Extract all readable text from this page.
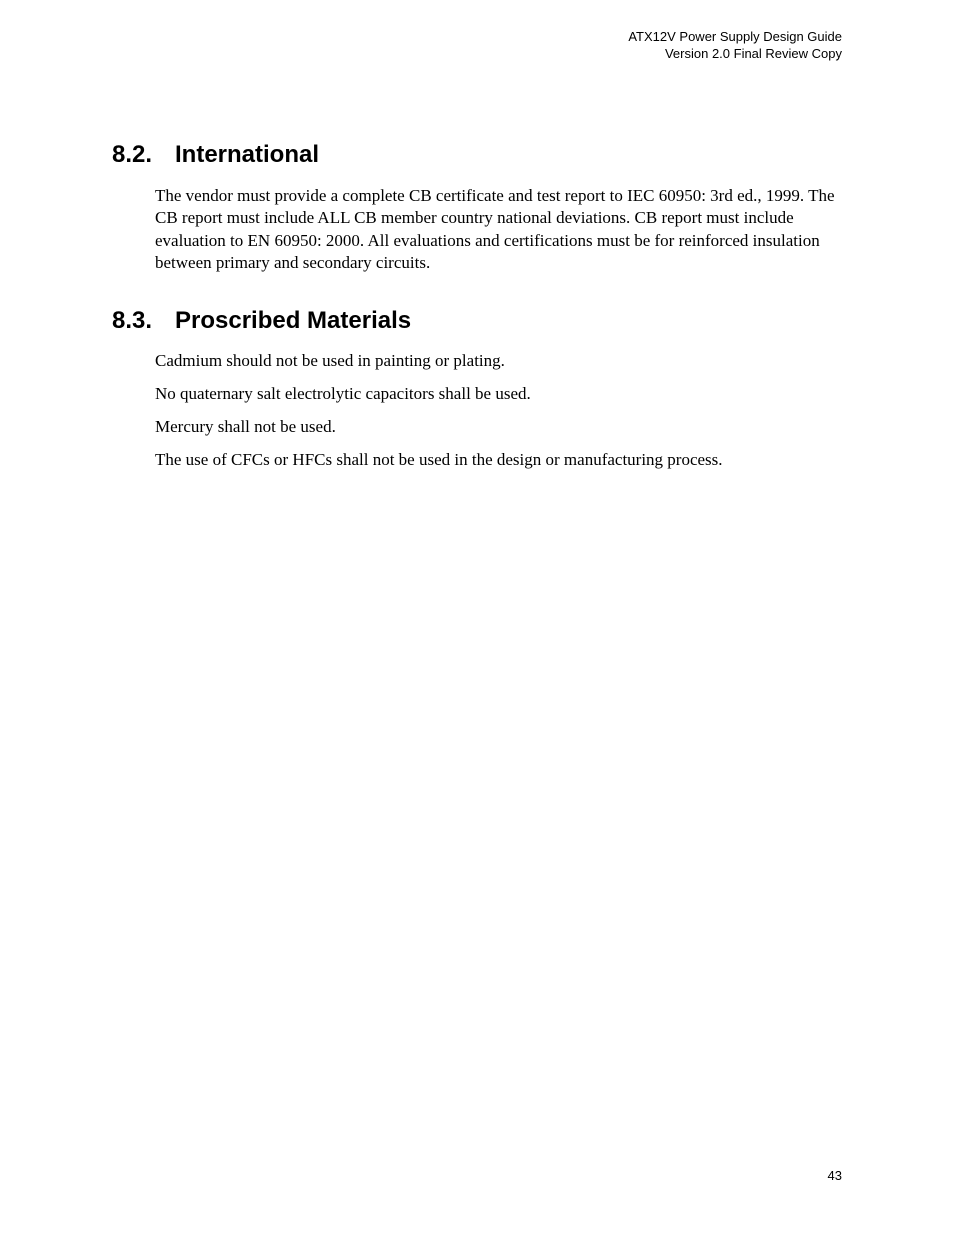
ATX12V Power Supply Design Guide
Version 2.0 Final Review Copy
8.2. International

The vendor must provide a complete CB certificate and test report to IEC 60950: 3rd ed., 1999. The CB report must include ALL CB member country national deviations. CB report must include evaluation to EN 60950: 2000. All evaluations and certifications must be for reinforced insulation between primary and secondary circuits.

8.3. Proscribed Materials

Cadmium should not be used in painting or plating.

No quaternary salt electrolytic capacitors shall be used.

Mercury shall not be used.

The use of CFCs or HFCs shall not be used in the design or manufacturing process.

43
